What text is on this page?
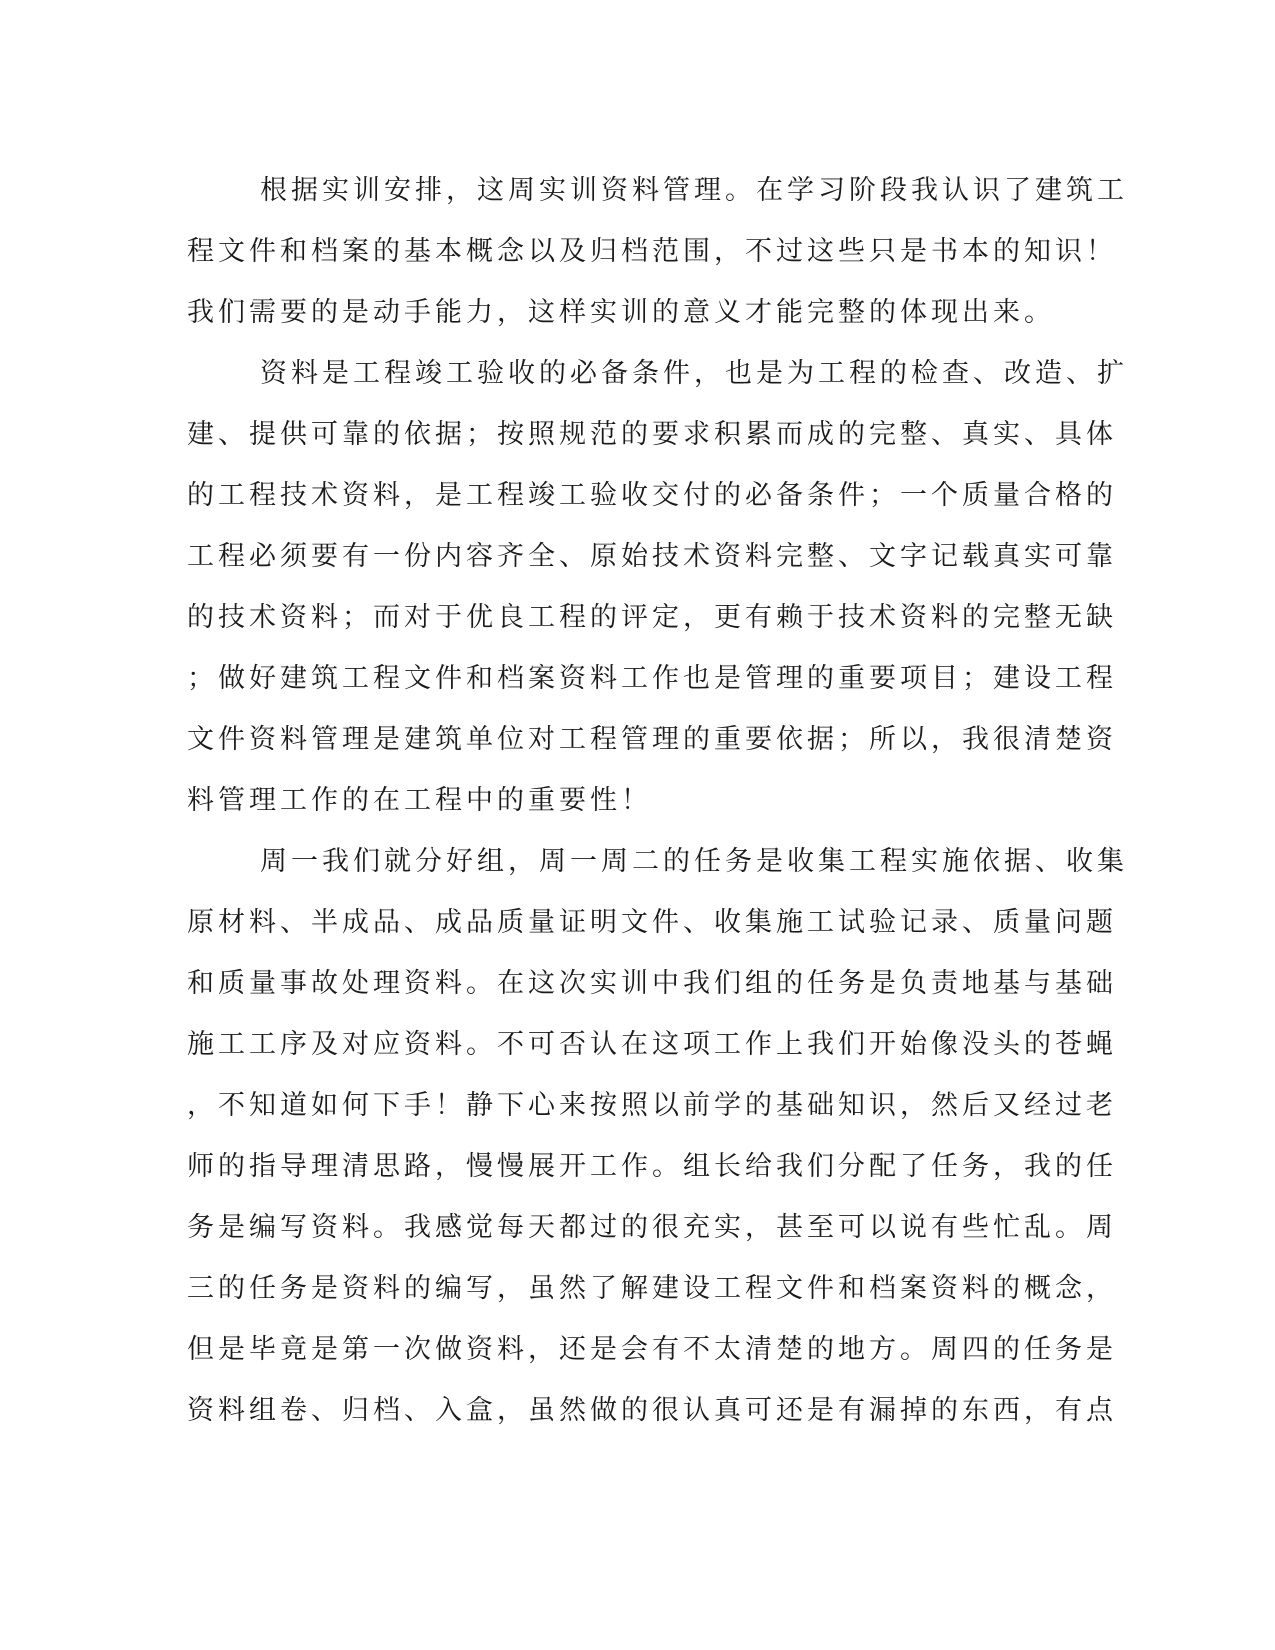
根据实训安排，这周实训资料管理。在学习阶段我认识了建筑工
程文件和档案的基本概念以及归档范围，不过这些只是书本的知识！
我们需要的是动手能力，这样实训的意义才能完整的体现出来。
资料是工程竣工验收的必备条件，也是为工程的检查、改造、扩
建、提供可靠的依据；按照规范的要求积累而成的完整、真实、具体
的工程技术资料，是工程竣工验收交付的必备条件；一个质量合格的
工程必须要有一份内容齐全、原始技术资料完整、文字记载真实可靠
的技术资料；而对于优良工程的评定，更有赖于技术资料的完整无缺
；做好建筑工程文件和档案资料工作也是管理的重要项目；建设工程
文件资料管理是建筑单位对工程管理的重要依据；所以，我很清楚资
料管理工作的在工程中的重要性！
周一我们就分好组，周一周二的任务是收集工程实施依据、收集
原材料、半成品、成品质量证明文件、收集施工试验记录、质量问题
和质量事故处理资料。在这次实训中我们组的任务是负责地基与基础
施工工序及对应资料。不可否认在这项工作上我们开始像没头的苍蝇
，不知道如何下手！静下心来按照以前学的基础知识，然后又经过老
师的指导理清思路，慢慢展开工作。组长给我们分配了任务，我的任
务是编写资料。我感觉每天都过的很充实，甚至可以说有些忙乱。周
三的任务是资料的编写，虽然了解建设工程文件和档案资料的概念，
但是毕竟是第一次做资料，还是会有不太清楚的地方。周四的任务是
资料组卷、归档、入盒，虽然做的很认真可还是有漏掉的东西，有点
